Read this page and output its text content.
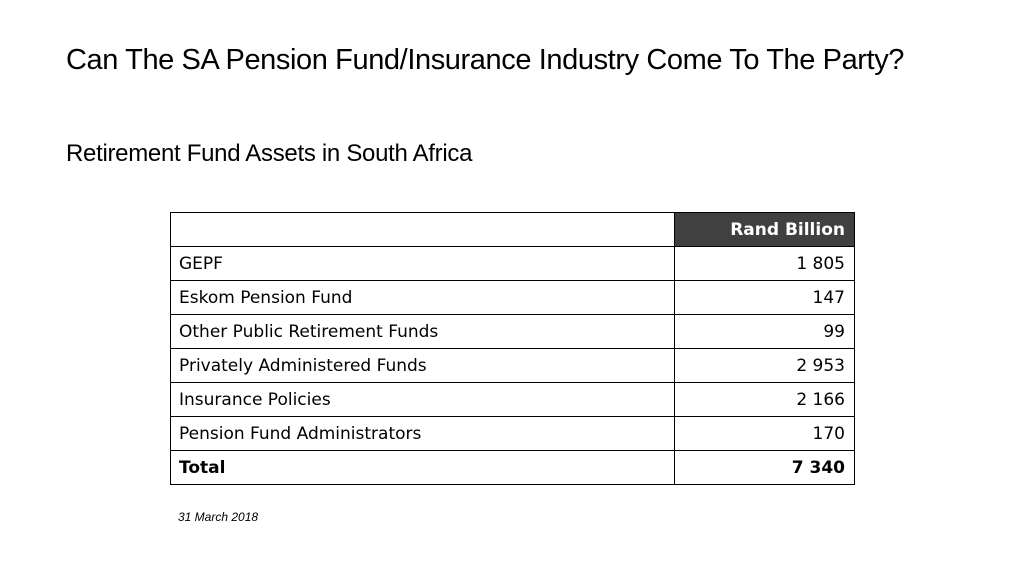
Can The SA Pension Fund/Insurance Industry Come To The Party?
Retirement Fund Assets in South Africa
	Rand Billion
GEPF	1 805
Eskom Pension Fund	147
Other Public Retirement Funds	99
Privately Administered Funds	2 953
Insurance Policies	2 166
Pension Fund Administrators	170
Total	7 340
31 March 2018
